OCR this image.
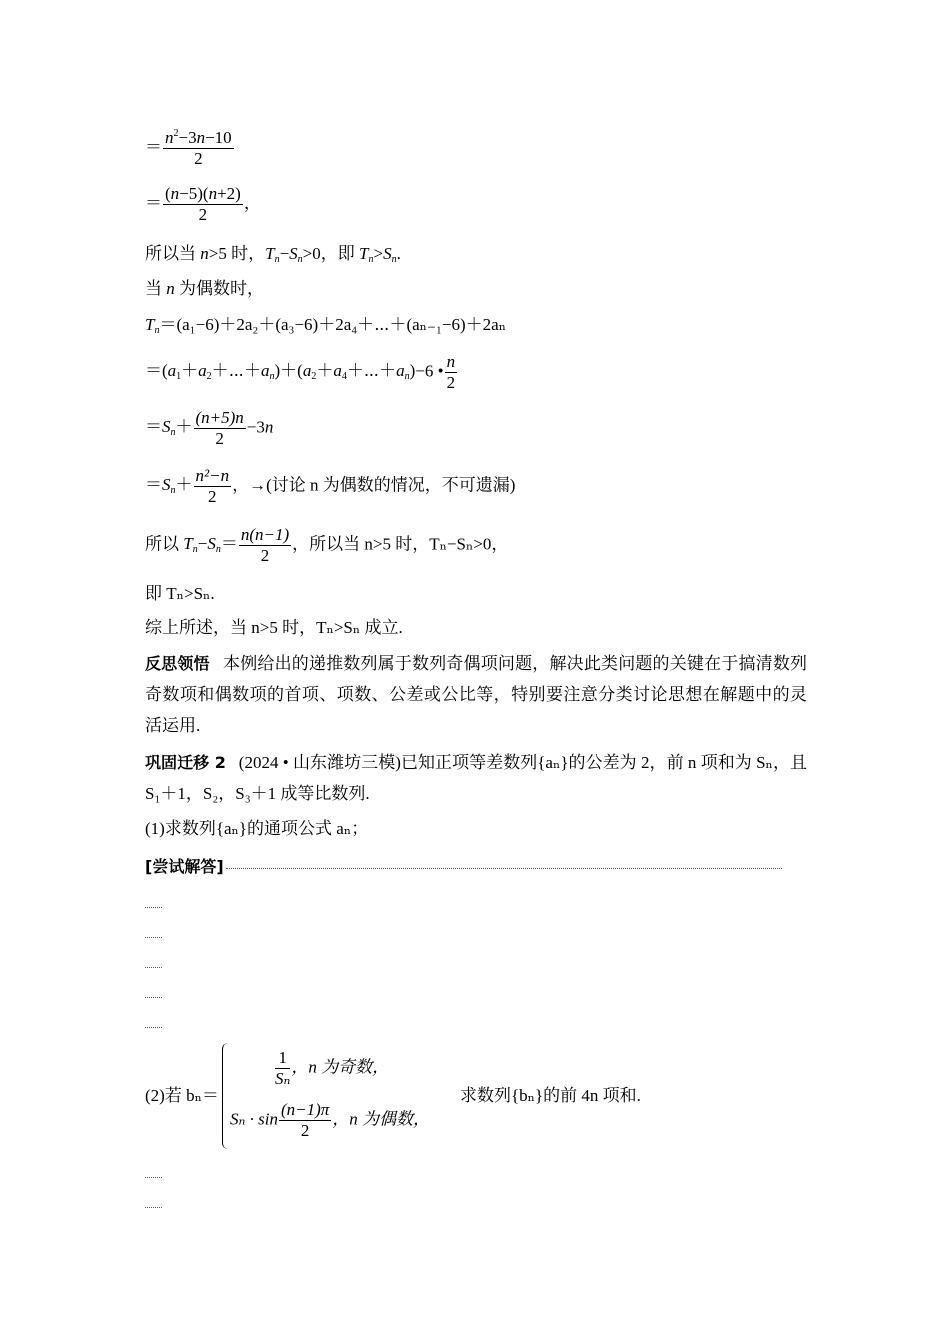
＝ $\frac{n^2-3n-10}{2}$
＝ $\frac{(n-5)(n+2)}{2}$ ，
所以当 n>5 时，$T_n-S_n>0$，即 $T_n>S_n$.
当 n 为偶数时，
$T_n=(a_1-6)+2a_2+(a_3-6)+2a_4+\cdots+(a_{n-1}-6)+2a_n$
$=(a_1+a_2+\cdots+a_n)+(a_2+a_4+\cdots+a_n)-6$ • $\frac{n}{2}$
$=S_n+ \frac{(n+5)n}{2} -3n$
$=S_n+ \frac{\text{n²−n}}{2}$ ，→(讨论 n 为偶数的情况，不可遗漏)
所以 $T_n-S_n= \frac{n(n-1)}{2}$ ，所以当 n>5 时，Tₙ−Sₙ>0，
即 Tₙ>Sₙ.
综上所述，当 n>5 时，Tₙ>Sₙ 成立.
反思领悟 本例给出的递推数列属于数列奇偶项问题，解决此类问题的关键在于搞清数列奇数项和偶数项的首项、项数、公差或公比等，特别要注意分类讨论思想在解题中的灵活运用.
巩固迁移 2 (2024 • 山东潍坊三模)已知正项等差数列{aₙ}的公差为 2，前 n 项和为 Sₙ，且 S₁＋1，S₂，S₃＋1 成等比数列.
(1)求数列{aₙ}的通项公式 aₙ；
[尝试解答]
(2)若 bₙ＝
$\frac{1}{\text{Sₙ}}$ ，n 为奇数，
$S_n \cdot \sin \frac{(n-1)\pi}{2}$ ，n 为偶数，
求数列{bₙ}的前 4n 项和.
